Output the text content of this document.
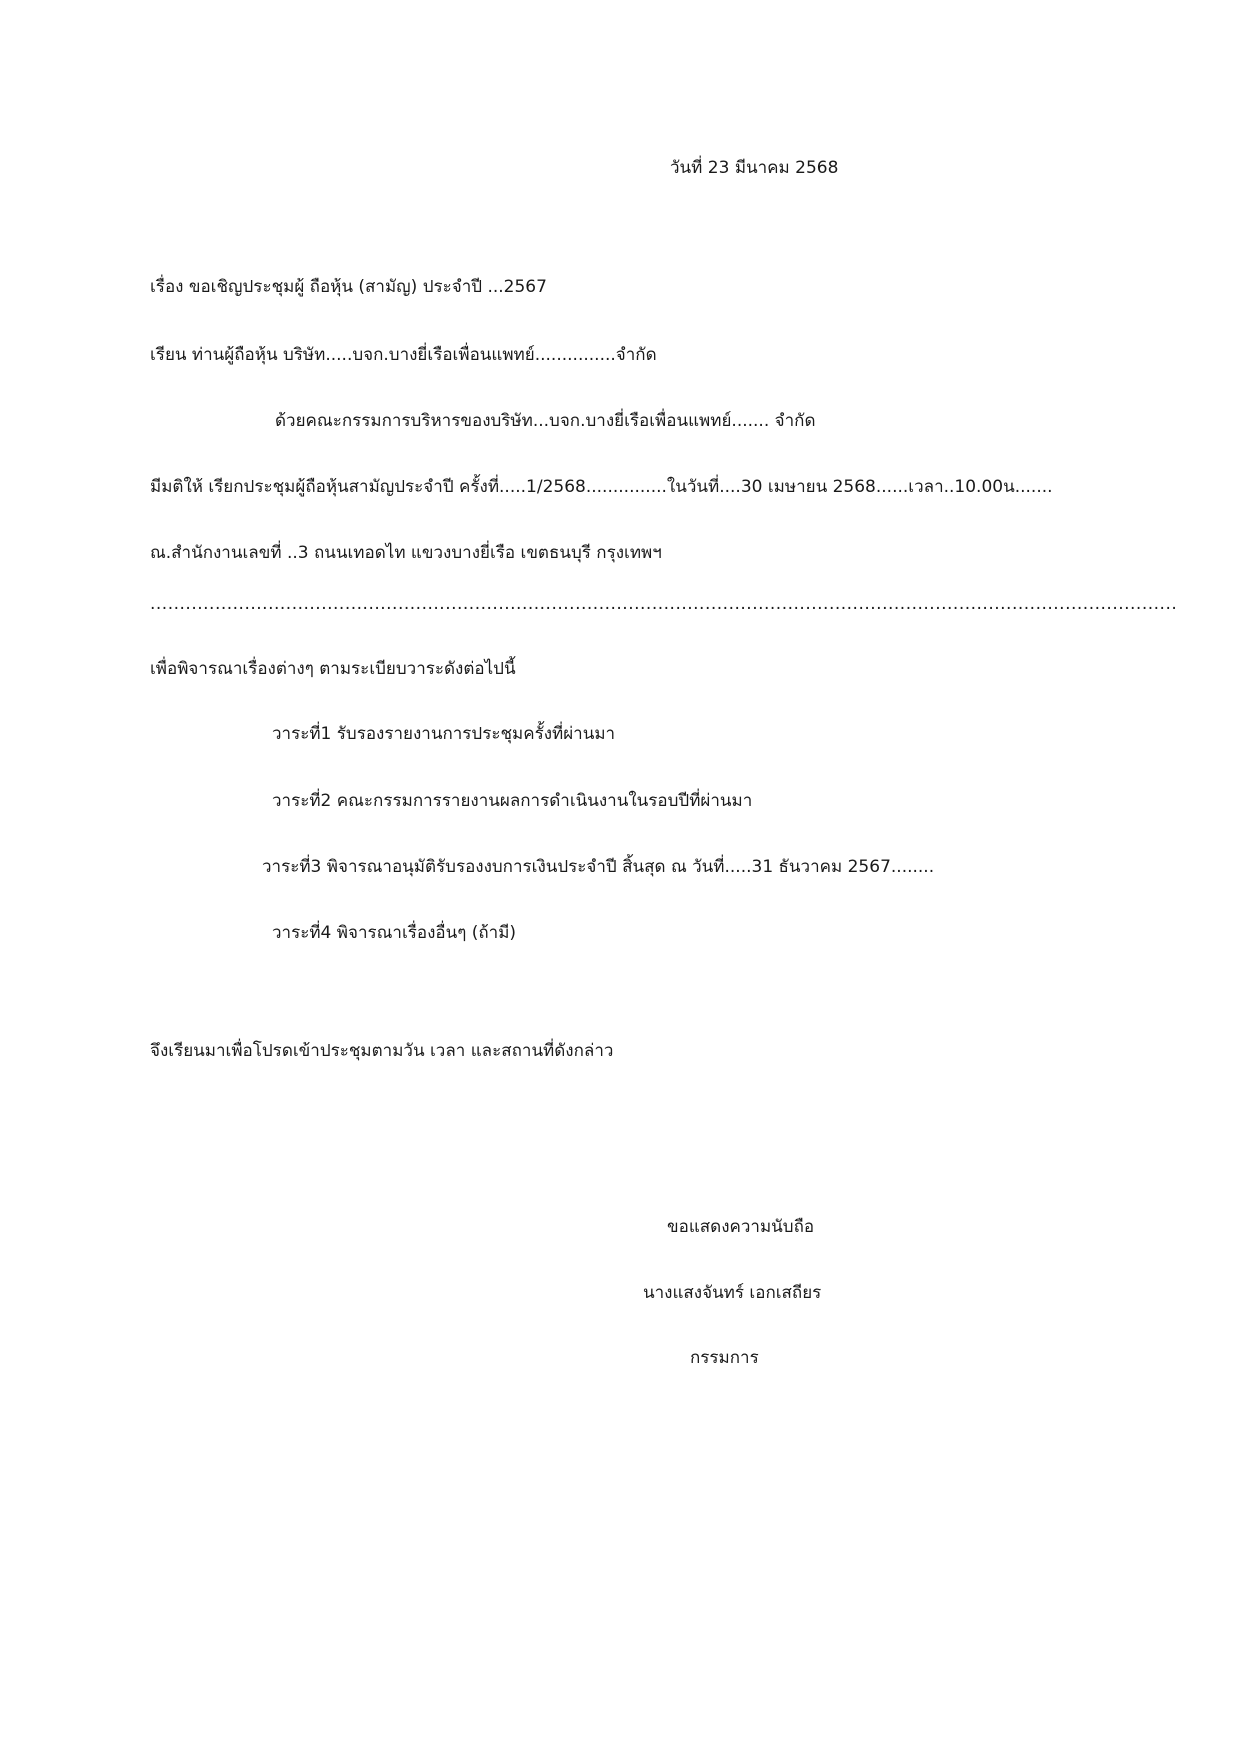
วันที่ 23 มีนาคม 2568
เรื่อง ขอเชิญประชุมผู้ ถือหุ้น (สามัญ) ประจำปี ...2567
เรียน ท่านผู้ถือหุ้น บริษัท.....บจก.บางยี่เรือเพื่อนแพทย์...............จำกัด
ด้วยคณะกรรมการบริหารของบริษัท...บจก.บางยี่เรือเพื่อนแพทย์....... จำกัด
มีมติให้ เรียกประชุมผู้ถือหุ้นสามัญประจำปี ครั้งที่.....1/2568...............ในวันที่....30 เมษายน 2568......เวลา..10.00น.......
ณ.สำนักงานเลขที่ ..3 ถนนเทอดไท แขวงบางยี่เรือ เขตธนบุรี กรุงเทพฯ
..............................................................................................................................................................................
เพื่อพิจารณาเรื่องต่างๆ ตามระเบียบวาระดังต่อไปนี้
วาระที่1 รับรองรายงานการประชุมครั้งที่ผ่านมา
วาระที่2 คณะกรรมการรายงานผลการดำเนินงานในรอบปีที่ผ่านมา
วาระที่3 พิจารณาอนุมัติรับรองงบการเงินประจำปี สิ้นสุด ณ วันที่.....31 ธันวาคม 2567........
วาระที่4 พิจารณาเรื่องอื่นๆ (ถ้ามี)
จึงเรียนมาเพื่อโปรดเข้าประชุมตามวัน เวลา และสถานที่ดังกล่าว
ขอแสดงความนับถือ
นางแสงจันทร์ เอกเสถียร
กรรมการ
